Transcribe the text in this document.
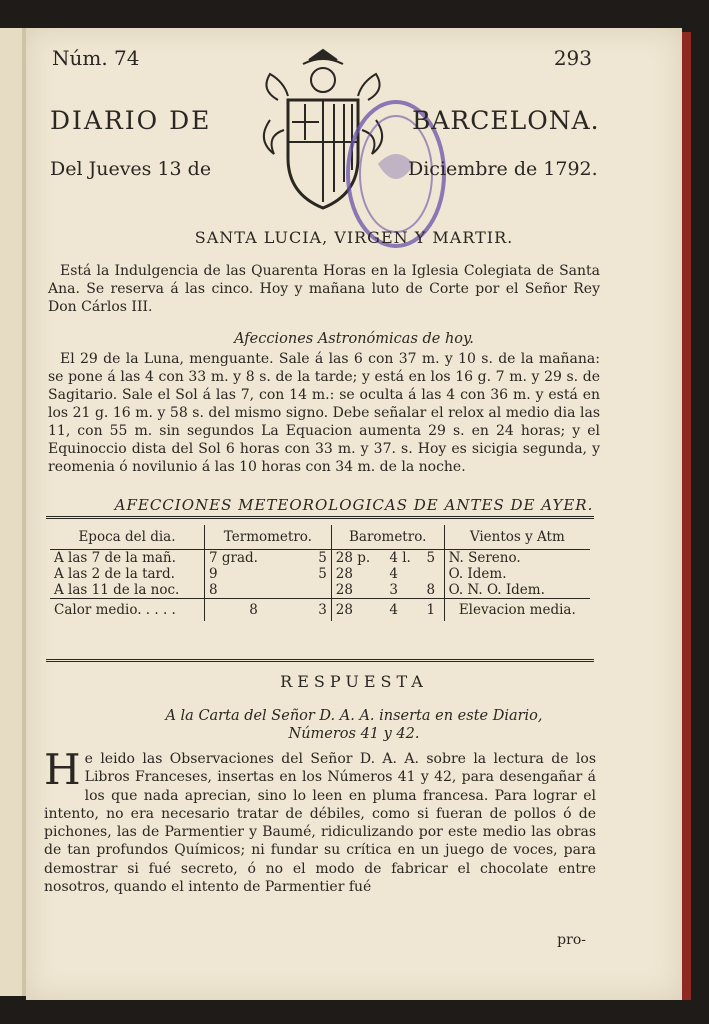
Núm. 74	293
DIARIO DE	BARCELONA.
Del Jueves 13 de	Diciembre de 1792.
SANTA LUCIA, VIRGEN Y MARTIR.

Está la Indulgencia de las Quarenta Horas en la Iglesia Colegiata de Santa Ana. Se reserva á las cinco. Hoy y mañana luto de Corte por el Señor Rey Don Cárlos III.

Afecciones Astronómicas de hoy.

El 29 de la Luna, menguante. Sale á las 6 con 37 m. y 10 s. de la mañana: se pone á las 4 con 33 m. y 8 s. de la tarde; y está en los 16 g. 7 m. y 29 s. de Sagitario. Sale el Sol á las 7, con 14 m.: se oculta á las 4 con 36 m. y está en los 21 g. 16 m. y 58 s. del mismo signo. Debe señalar el relox al medio dia las 11, con 55 m. sin segundos La Equacion aumenta 29 s. en 24 horas; y el Equinoccio dista del Sol 6 horas con 33 m. y 37. s. Hoy es sicigia segunda, y reomenia ó novilunio á las 10 horas con 34 m. de la noche.

AFECCIONES METEOROLOGICAS DE ANTES DE AYER.
Epoca del dia.	Termometro.		Barometro.			Vientos y Atm
A las 7 de la mañ.	7 grad.	5	28 p.	4 l.	5	N. Sereno.
A las 2 de la tard.	9	5	28	4		O. Idem.
A las 11 de la noc.	8		28	3	8	O. N. O. Idem.
Calor medio. . . . .	8	3	28	4	1	Elevacion media.
RESPUESTA
A la Carta del Señor D. A. A. inserta en este Diario,
Números 41 y 42.
He leido las Observaciones del Señor D. A. A. sobre la lectura de los Libros Franceses, insertas en los Números 41 y 42, para desengañar á los que nada aprecian, sino lo leen en pluma francesa. Para lograr el intento, no era necesario tratar de débiles, como si fueran de pollos ó de pichones, las de Parmentier y Baumé, ridiculizando por este medio las obras de tan profundos Químicos; ni fundar su crítica en un juego de voces, para demostrar si fué secreto, ó no el modo de fabricar el chocolate entre nosotros, quando el intento de Parmentier fué
pro-
